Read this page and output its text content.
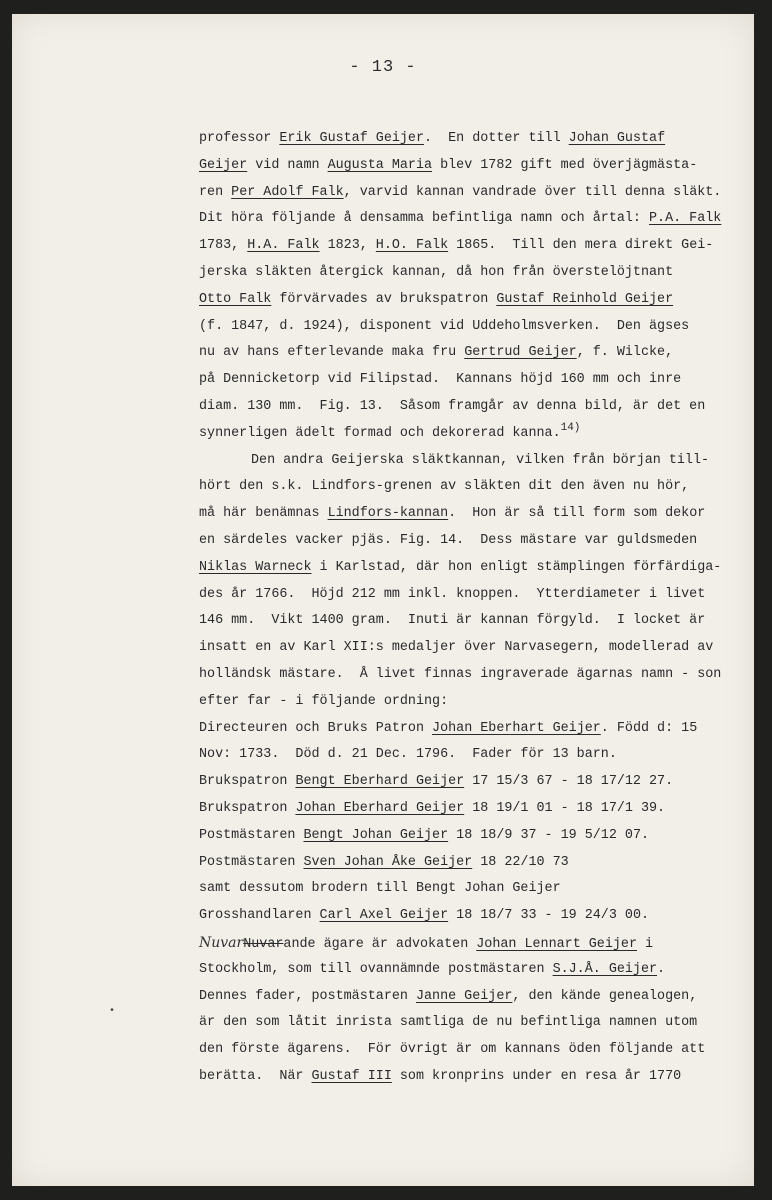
- 13 -
professor Erik Gustaf Geijer.  En dotter till Johan Gustaf
Geijer vid namn Augusta Maria blev 1782 gift med överjägmästa-
ren Per Adolf Falk, varvid kannan vandrade över till denna släkt.
Dit höra följande å densamma befintliga namn och årtal: P.A. Falk
1783, H.A. Falk 1823, H.O. Falk 1865.  Till den mera direkt Gei-
jerska släkten återgick kannan, då hon från överstelöjtnant
Otto Falk förvärvades av brukspatron Gustaf Reinhold Geijer
(f. 1847, d. 1924), disponent vid Uddeholmsverken.  Den ägses
nu av hans efterlevande maka fru Gertrud Geijer, f. Wilcke,
på Dennicketorp vid Filipstad.  Kannans höjd 160 mm och inre
diam. 130 mm.  Fig. 13.  Såsom framgår av denna bild, är det en
synnerligen ädelt formad och dekorerad kanna.$^{14)}$
Den andra Geijerska släktkannan, vilken från början till-
hört den s.k. Lindfors-grenen av släkten dit den även nu hör,
må här benämnas Lindfors-kannan.  Hon är så till form som dekor
en särdeles vacker pjäs. Fig. 14.  Dess mästare var guldsmeden
Niklas Warneck i Karlstad, där hon enligt stämplingen förfärdiga-
des år 1766.  Höjd 212 mm inkl. knoppen.  Ytterdiameter i livet
146 mm.  Vikt 1400 gram.  Inuti är kannan förgyld.  I locket är
insatt en av Karl XII:s medaljer över Narvasegern, modellerad av
holländsk mästare.  Å livet finnas ingraverade ägarnas namn - son
efter far - i följande ordning:
Directeuren och Bruks Patron Johan Eberhart Geijer. Född d: 15
Nov: 1733.  Död d. 21 Dec. 1796.  Fader för 13 barn.
Brukspatron Bengt Eberhard Geijer 17 15/3 67 - 18 17/12 27.
Brukspatron Johan Eberhard Geijer 18 19/1 01 - 18 17/1 39.
Postmästaren Bengt Johan Geijer 18 18/9 37 - 19 5/12 07.
Postmästaren Sven Johan Åke Geijer 18 22/10 73
samt dessutom brodern till Bengt Johan Geijer
Grosshandlaren Carl Axel Geijer 18 18/7 33 - 19 24/3 00.
NuvarNuvarande ägare är advokaten Johan Lennart Geijer i
Stockholm, som till ovannämnde postmästaren S.J.Å. Geijer.
Dennes fader, postmästaren Janne Geijer, den kände genealogen,
är den som låtit inrista samtliga de nu befintliga namnen utom
den förste ägarens.  För övrigt är om kannans öden följande att
berätta.  När Gustaf III som kronprins under en resa år 1770
•
